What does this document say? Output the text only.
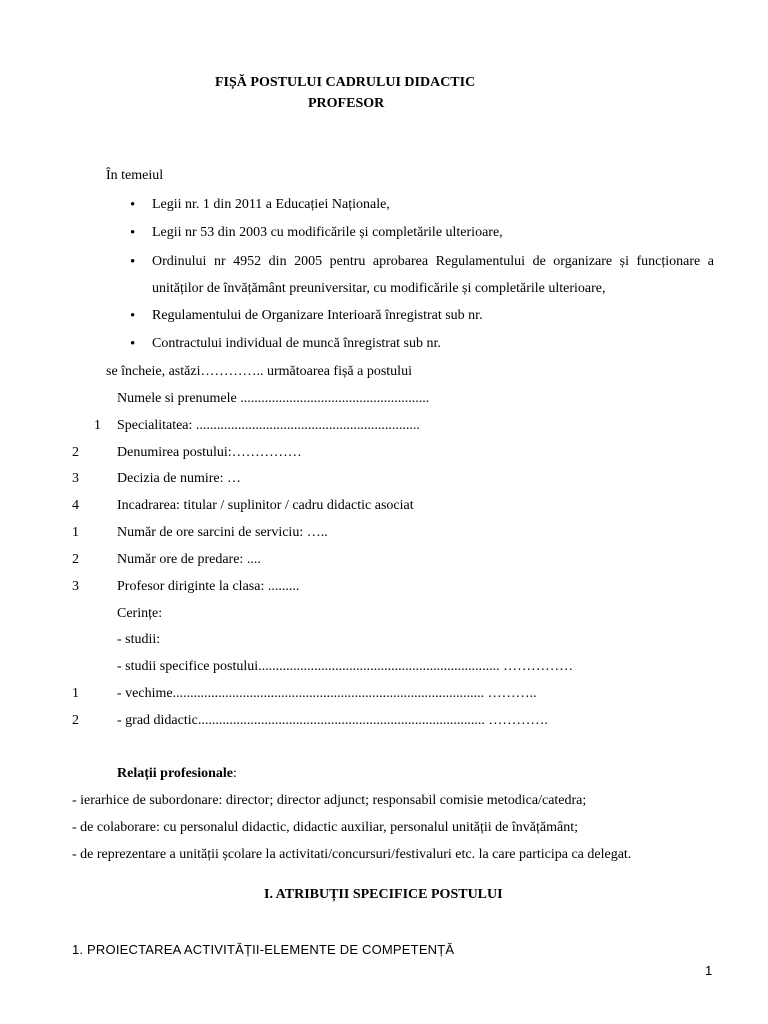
FIȘĂ POSTULUI CADRULUI DIDACTIC
PROFESOR
În temeiul
• Legii nr. 1 din 2011 a Educației Naționale,
• Legii nr 53 din 2003 cu modificările și completările ulterioare,
• Ordinului nr 4952 din 2005 pentru aprobarea Regulamentului de organizare și funcționare a
unităților de învățământ preuniversitar, cu modificările și completările ulterioare,
• Regulamentului de Organizare Interioară înregistrat sub nr.
• Contractului individual de muncă înregistrat sub nr.
se încheie, astăzi………….. următoarea fișă a postului
Numele si prenumele ......................................................
1 Specialitatea: ................................................................
2	Denumirea postului:……………
3	Decizia de numire: …
4	Incadrarea: titular / suplinitor / cadru didactic asociat
1	Număr de ore sarcini de serviciu: …..
2	Număr ore de predare: ....
3	Profesor diriginte la clasa: .........
Cerințe:
- studii:
- studii specifice postului..................................................................... ……………
1	- vechime......................................................................................... ………..
2	- grad didactic.................................................................................. ………….
Relații profesionale:
- ierarhice de subordonare: director; director adjunct; responsabil comisie metodica/catedra;
- de colaborare: cu personalul didactic, didactic auxiliar, personalul unității de învățământ;
- de reprezentare a unității școlare la activitati/concursuri/festivaluri etc. la care participa ca delegat.
I. ATRIBUȚII SPECIFICE POSTULUI
1. PROIECTAREA ACTIVITĂȚII-ELEMENTE DE COMPETENȚĂ
1
